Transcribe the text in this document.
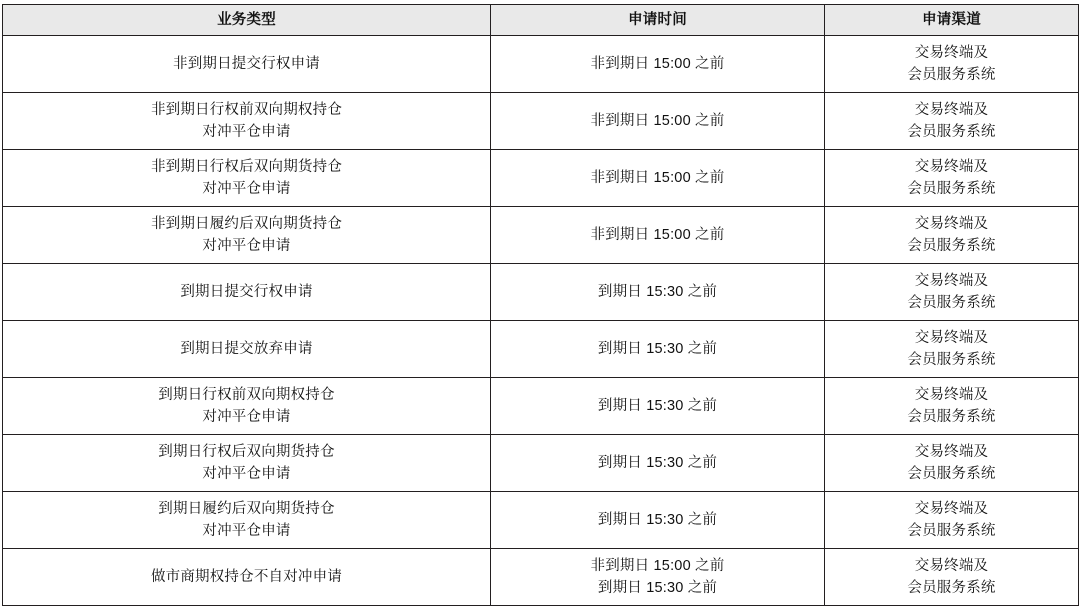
业务类型	申请时间	申请渠道

非到期日提交行权申请	非到期日 15:00 之前	交易终端及
会员服务系统

非到期日行权前双向期权持仓
对冲平仓申请	非到期日 15:00 之前	交易终端及
会员服务系统

非到期日行权后双向期货持仓
对冲平仓申请	非到期日 15:00 之前	交易终端及
会员服务系统

非到期日履约后双向期货持仓
对冲平仓申请	非到期日 15:00 之前	交易终端及
会员服务系统

到期日提交行权申请	到期日 15:30 之前	交易终端及
会员服务系统

到期日提交放弃申请	到期日 15:30 之前	交易终端及
会员服务系统

到期日行权前双向期权持仓
对冲平仓申请	到期日 15:30 之前	交易终端及
会员服务系统

到期日行权后双向期货持仓
对冲平仓申请	到期日 15:30 之前	交易终端及
会员服务系统

到期日履约后双向期货持仓
对冲平仓申请	到期日 15:30 之前	交易终端及
会员服务系统

做市商期权持仓不自对冲申请	非到期日 15:00 之前
到期日 15:30 之前	交易终端及
会员服务系统
